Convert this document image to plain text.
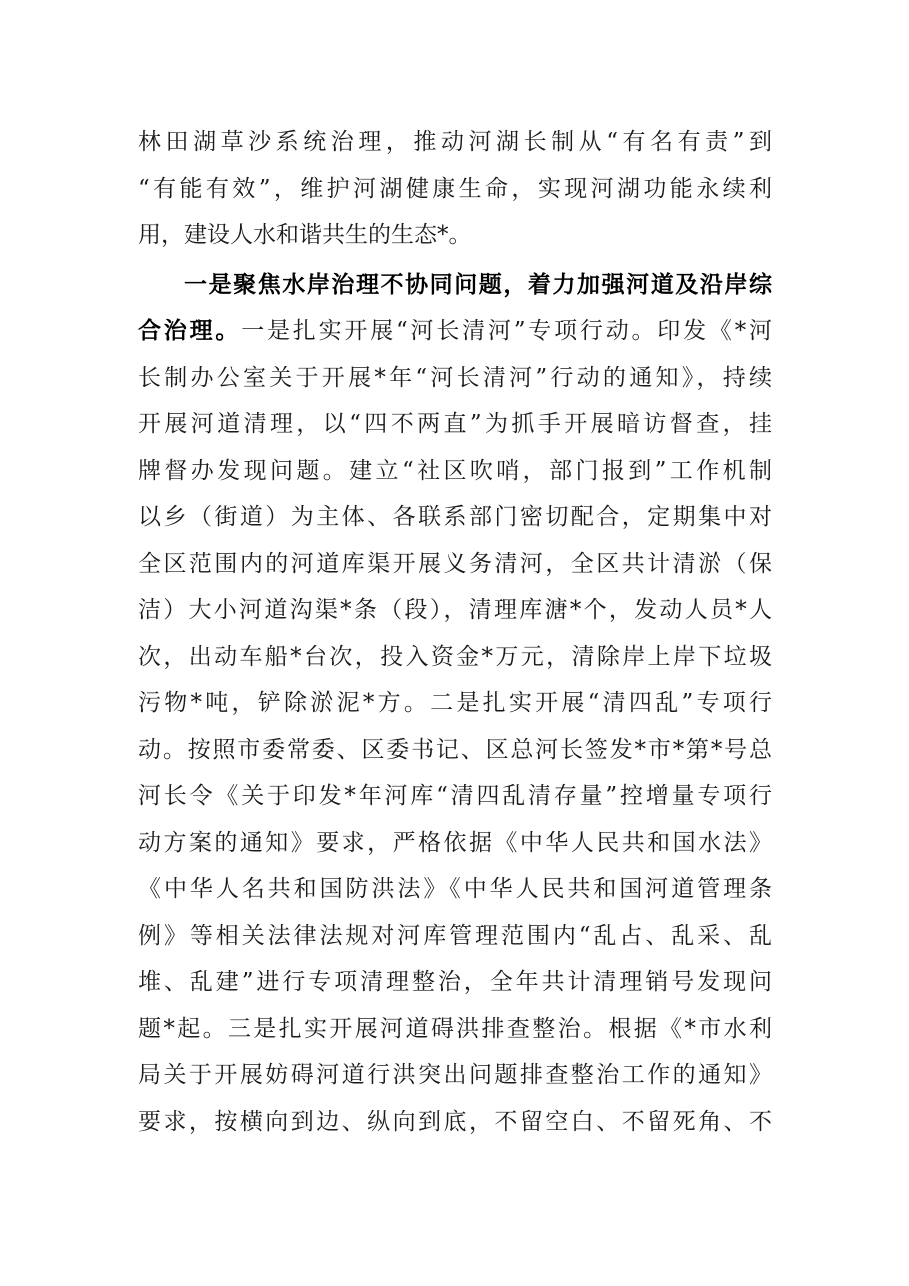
林田湖草沙系统治理，推动河湖长制从“有名有责”到
“有能有效”，维护河湖健康生命，实现河湖功能永续利
用，建设人水和谐共生的生态*。
一是聚焦水岸治理不协同问题，着力加强河道及沿岸综
合治理。一是扎实开展“河长清河”专项行动。印发《*河
长制办公室关于开展*年“河长清河”行动的通知》，持续
开展河道清理，以“四不两直”为抓手开展暗访督查，挂
牌督办发现问题。建立“社区吹哨，部门报到”工作机制
以乡（街道）为主体、各联系部门密切配合，定期集中对
全区范围内的河道库渠开展义务清河，全区共计清淤（保
洁）大小河道沟渠*条（段），清理库溏*个，发动人员*人
次，出动车船*台次，投入资金*万元，清除岸上岸下垃圾
污物*吨，铲除淤泥*方。二是扎实开展“清四乱”专项行
动。按照市委常委、区委书记、区总河长签发*市*第*号总
河长令《关于印发*年河库“清四乱清存量”控增量专项行
动方案的通知》要求，严格依据《中华人民共和国水法》
《中华人名共和国防洪法》《中华人民共和国河道管理条
例》等相关法律法规对河库管理范围内“乱占、乱采、乱
堆、乱建”进行专项清理整治，全年共计清理销号发现问
题*起。三是扎实开展河道碍洪排查整治。根据《*市水利
局关于开展妨碍河道行洪突出问题排查整治工作的通知》
要求，按横向到边、纵向到底，不留空白、不留死角、不
